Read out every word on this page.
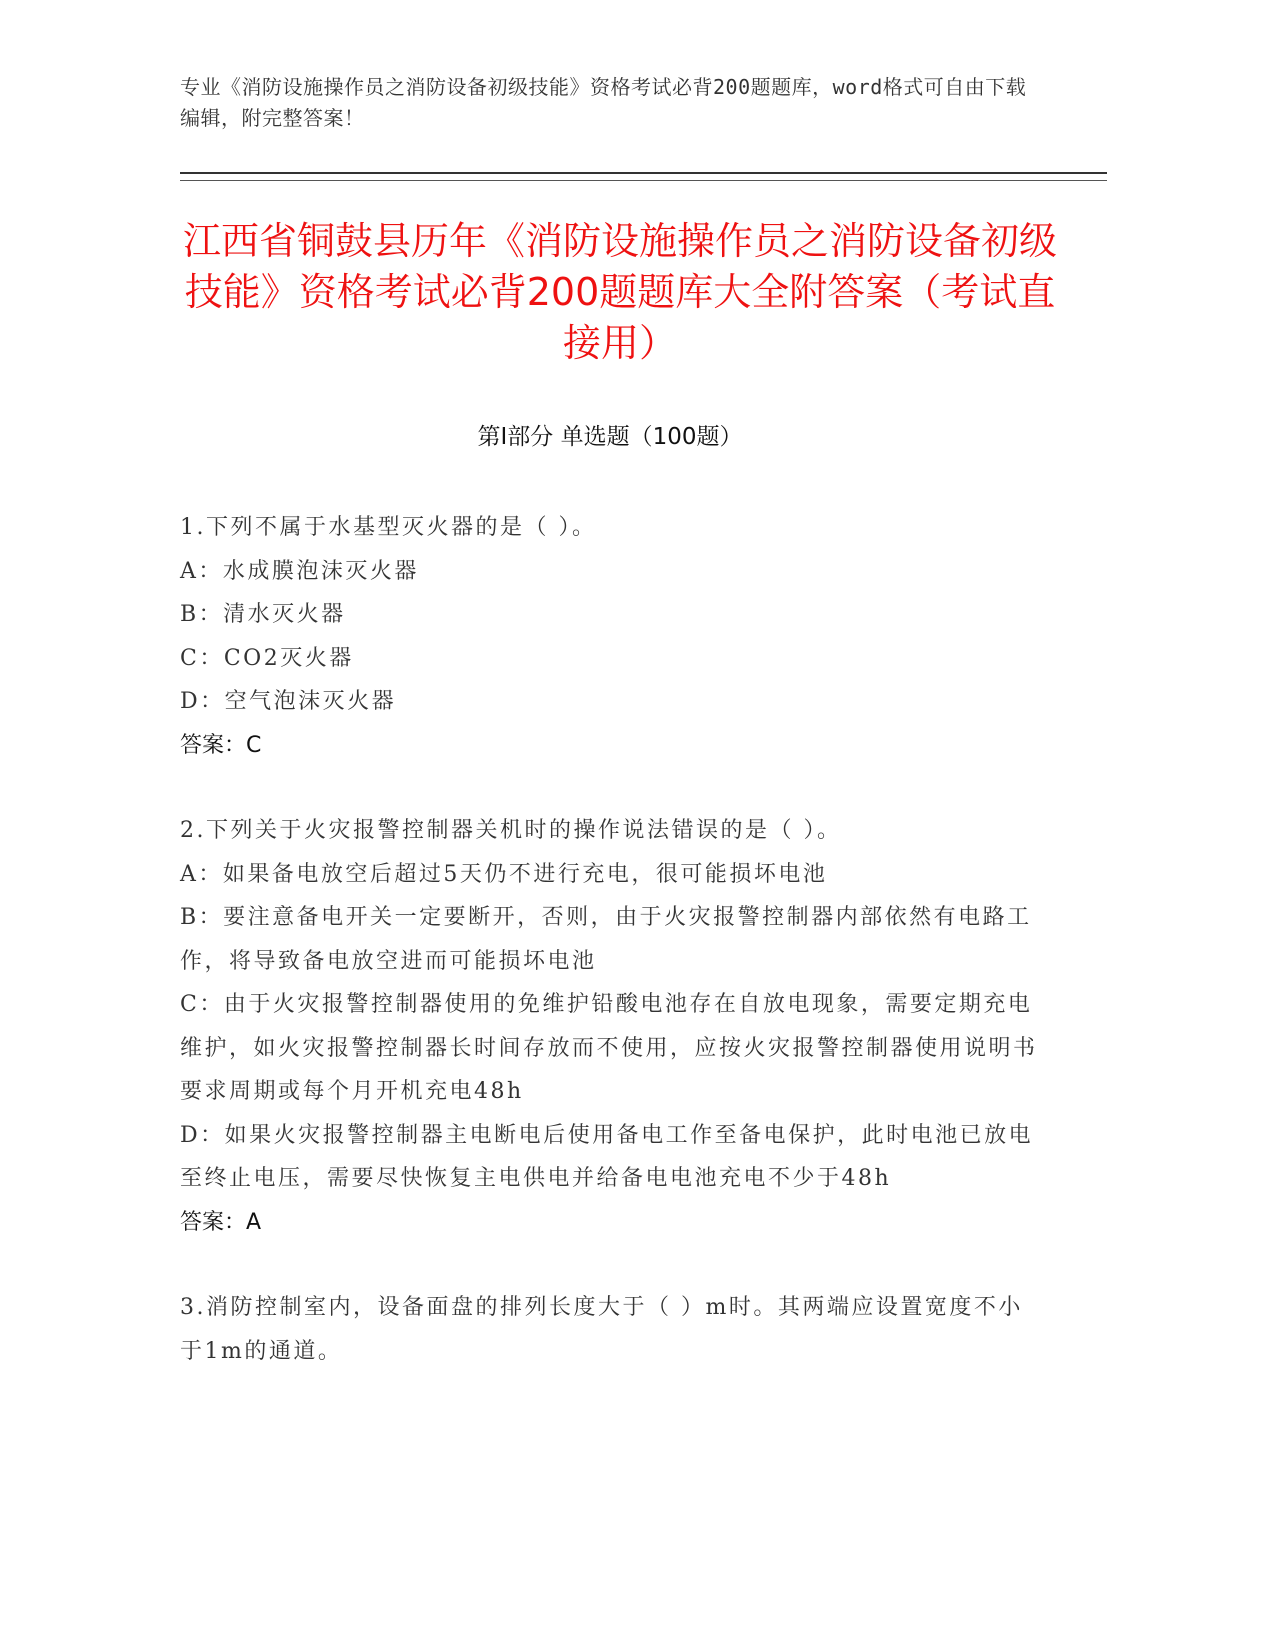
专业《消防设施操作员之消防设备初级技能》资格考试必背200题题库，word格式可自由下载编辑，附完整答案！
江西省铜鼓县历年《消防设施操作员之消防设备初级技能》资格考试必背200题题库大全附答案（考试直接用）
第Ⅰ部分 单选题（100题）
1.下列不属于水基型灭火器的是（ ）。
A：水成膜泡沫灭火器
B：清水灭火器
C：CO2灭火器
D：空气泡沫灭火器
答案：C
2.下列关于火灾报警控制器关机时的操作说法错误的是（ ）。
A：如果备电放空后超过5天仍不进行充电，很可能损坏电池
B：要注意备电开关一定要断开，否则，由于火灾报警控制器内部依然有电路工作，将导致备电放空进而可能损坏电池
C：由于火灾报警控制器使用的免维护铅酸电池存在自放电现象，需要定期充电维护，如火灾报警控制器长时间存放而不使用，应按火灾报警控制器使用说明书要求周期或每个月开机充电48h
D：如果火灾报警控制器主电断电后使用备电工作至备电保护，此时电池已放电至终止电压，需要尽快恢复主电供电并给备电电池充电不少于48h
答案：A
3.消防控制室内，设备面盘的排列长度大于（ ）m时。其两端应设置宽度不小于1m的通道。
